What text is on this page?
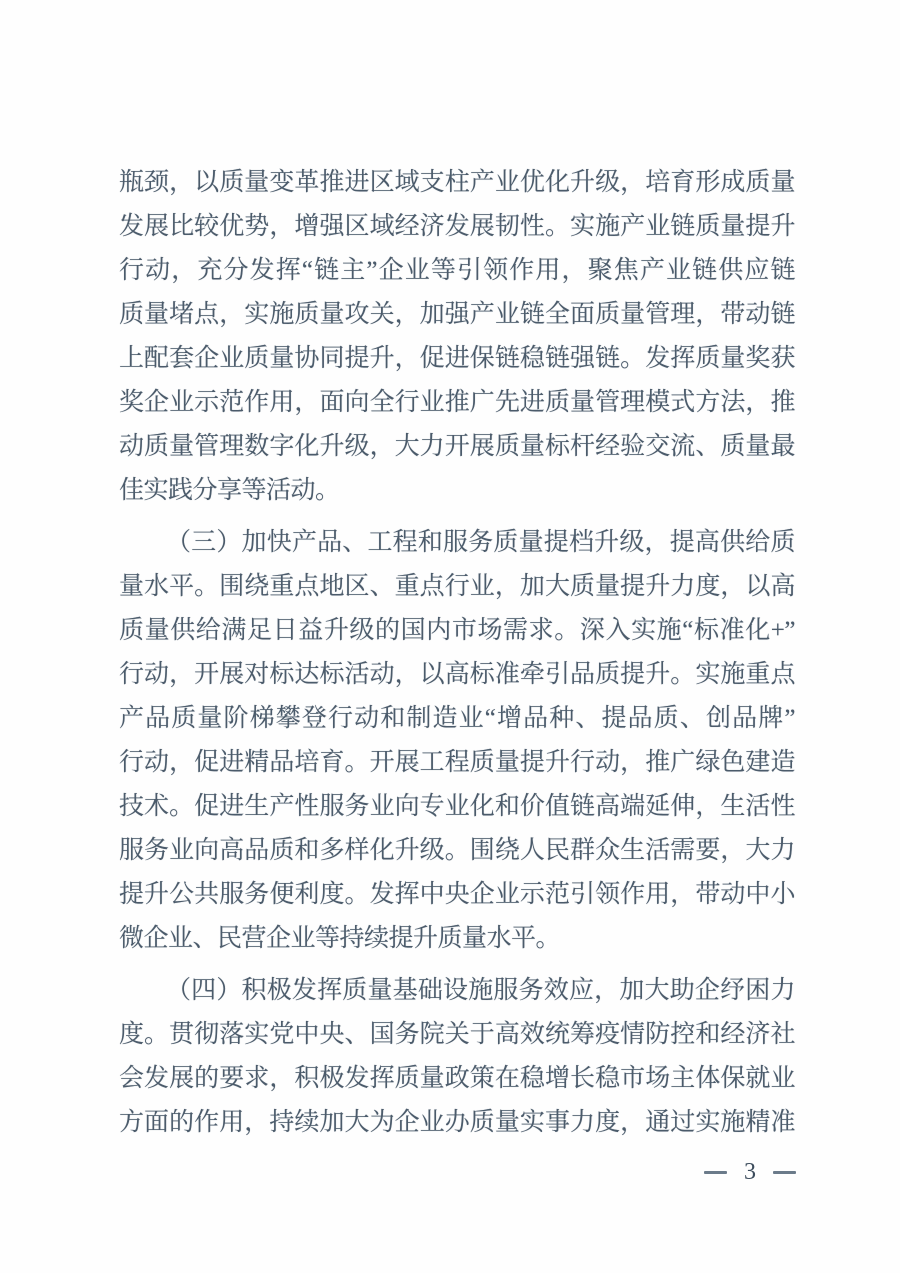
瓶颈，以质量变革推进区域支柱产业优化升级，培育形成质量
发展比较优势，增强区域经济发展韧性。实施产业链质量提升
行动，充分发挥“链主”企业等引领作用，聚焦产业链供应链
质量堵点，实施质量攻关，加强产业链全面质量管理，带动链
上配套企业质量协同提升，促进保链稳链强链。发挥质量奖获
奖企业示范作用，面向全行业推广先进质量管理模式方法，推
动质量管理数字化升级，大力开展质量标杆经验交流、质量最
佳实践分享等活动。
（三）加快产品、工程和服务质量提档升级，提高供给质
量水平。围绕重点地区、重点行业，加大质量提升力度，以高
质量供给满足日益升级的国内市场需求。深入实施“标准化+”
行动，开展对标达标活动，以高标准牵引品质提升。实施重点
产品质量阶梯攀登行动和制造业“增品种、提品质、创品牌”
行动，促进精品培育。开展工程质量提升行动，推广绿色建造
技术。促进生产性服务业向专业化和价值链高端延伸，生活性
服务业向高品质和多样化升级。围绕人民群众生活需要，大力
提升公共服务便利度。发挥中央企业示范引领作用，带动中小
微企业、民营企业等持续提升质量水平。
（四）积极发挥质量基础设施服务效应，加大助企纾困力
度。贯彻落实党中央、国务院关于高效统筹疫情防控和经济社
会发展的要求，积极发挥质量政策在稳增长稳市场主体保就业
方面的作用，持续加大为企业办质量实事力度，通过实施精准
3
